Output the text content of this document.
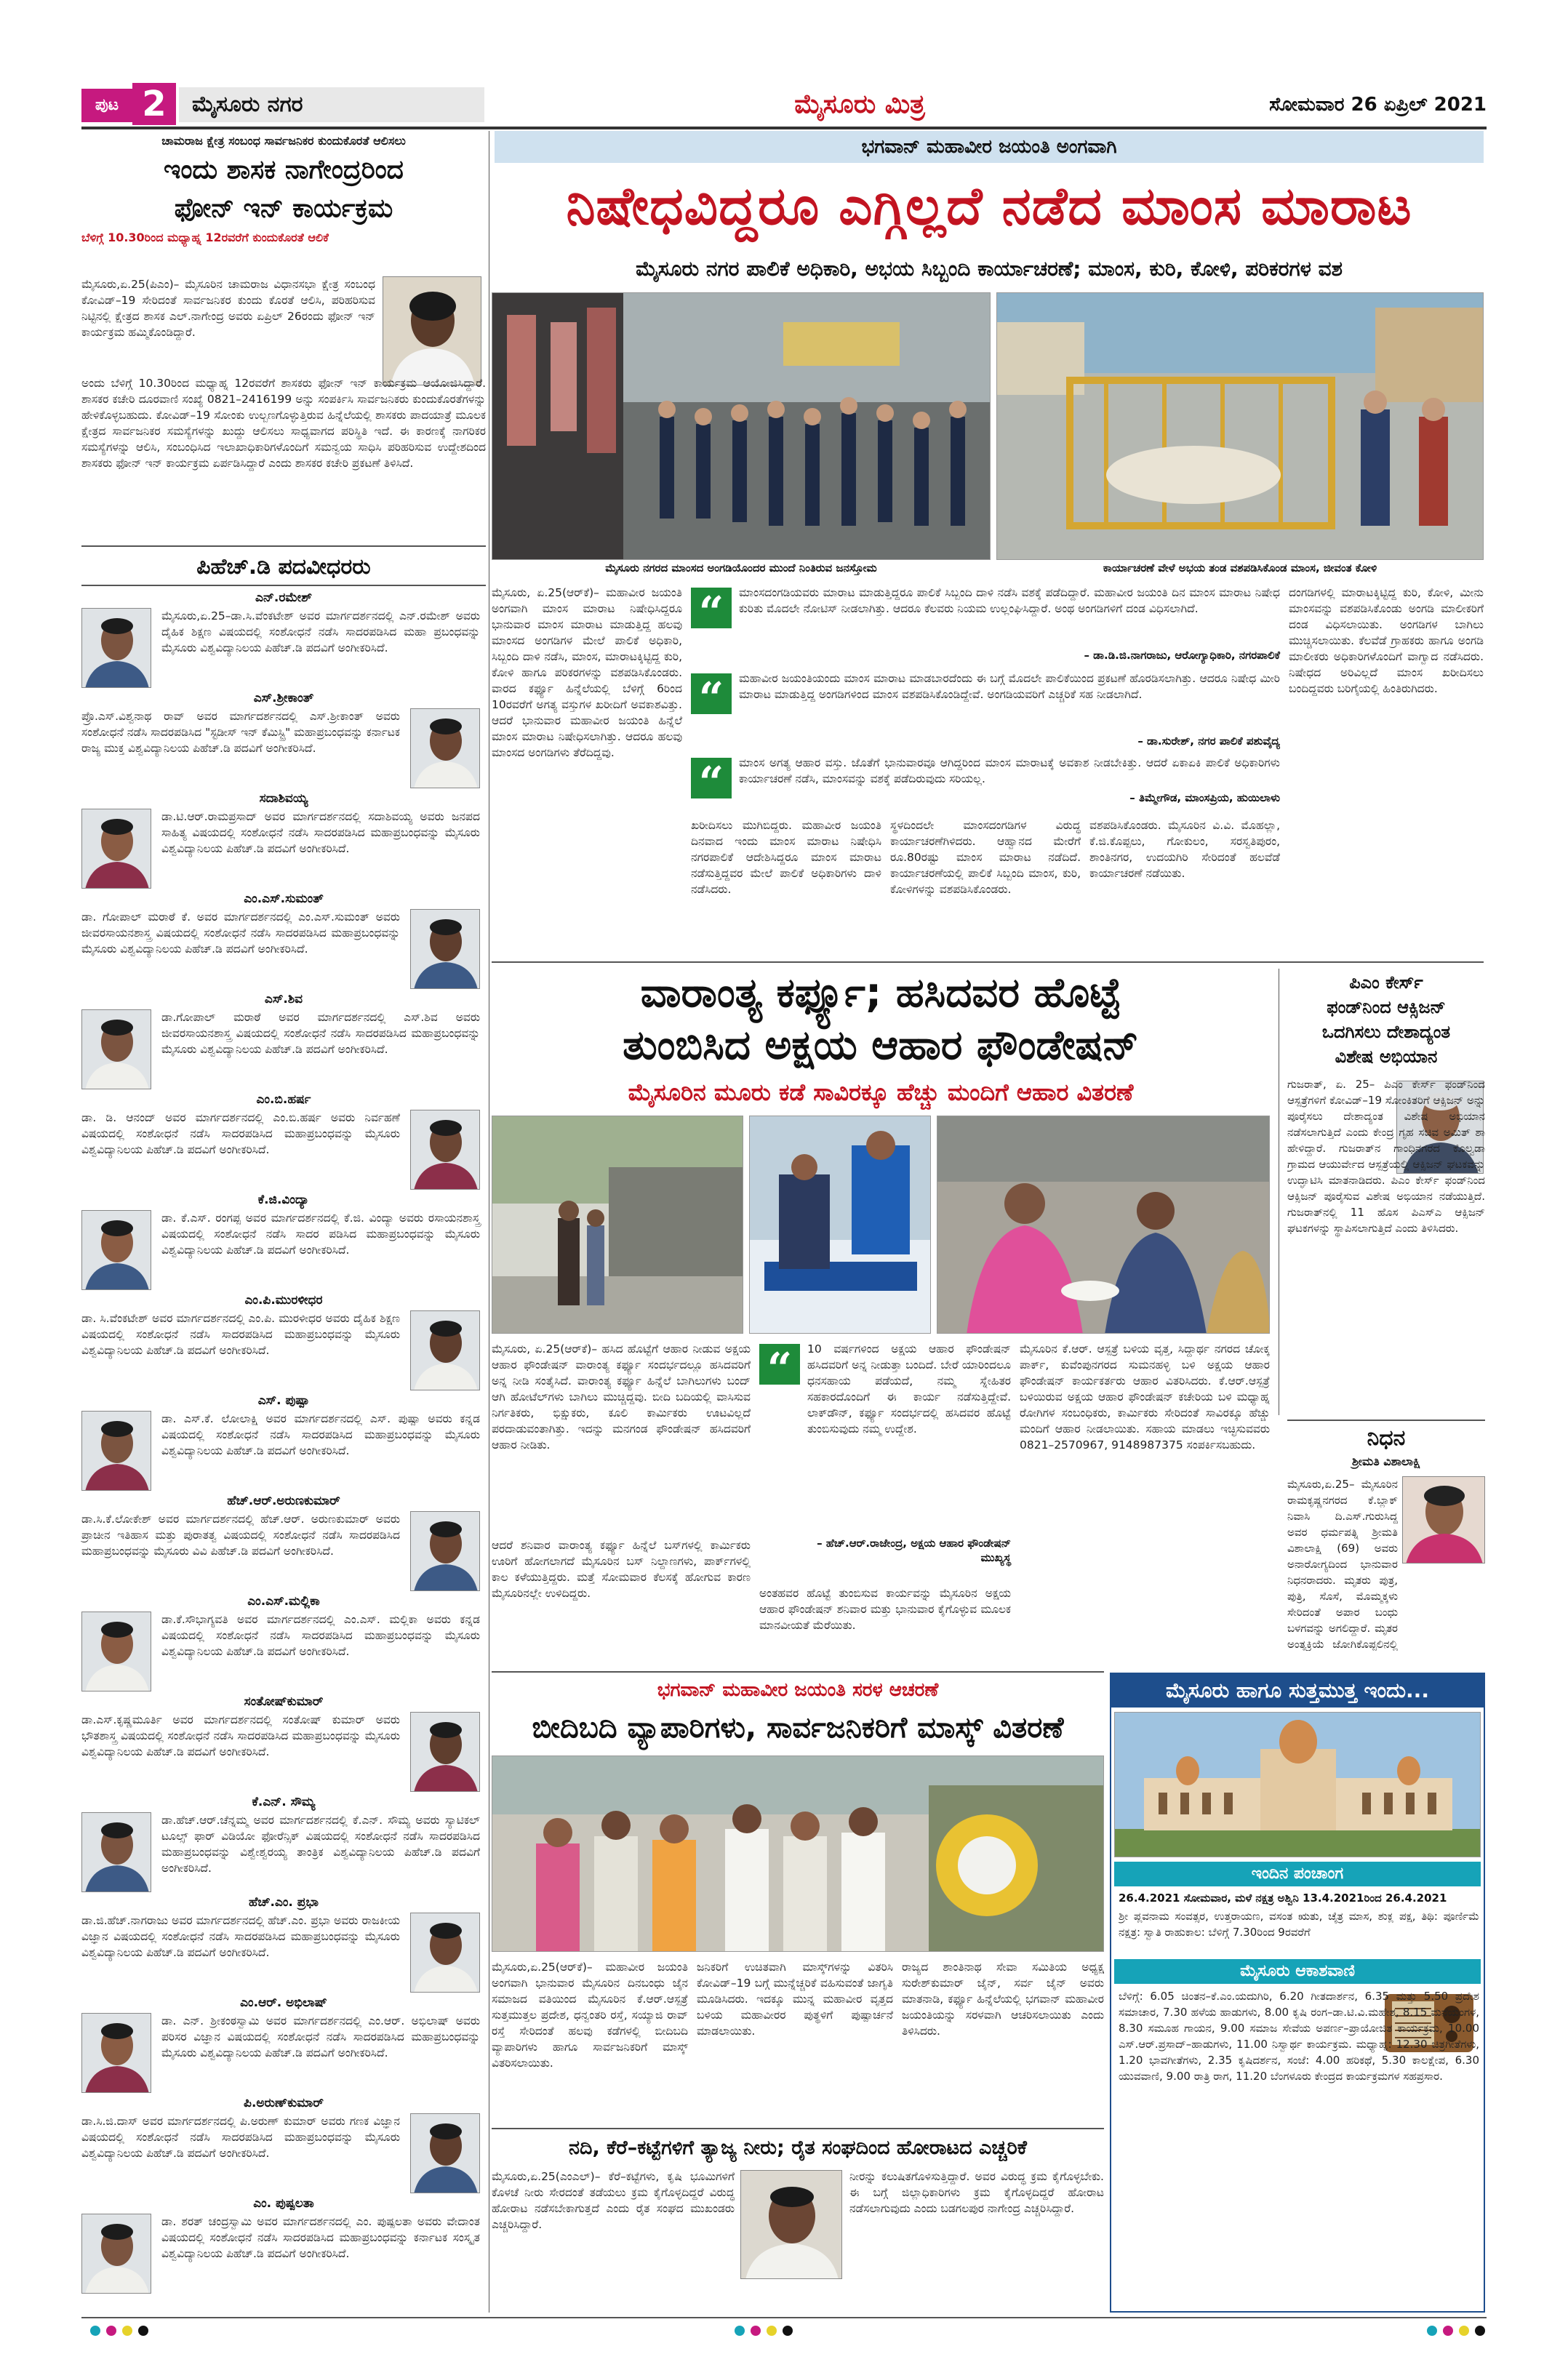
ಪುಟ 2	ಮೈಸೂರು ನಗರ	ಮೈಸೂರು ಮಿತ್ರ	ಸೋಮವಾರ 26 ಏಪ್ರಿಲ್ 2021
ಚಾಮರಾಜ ಕ್ಷೇತ್ರ ಸಂಬಂಧ ಸಾರ್ವಜನಿಕರ ಕುಂದುಕೊರತೆ ಆಲಿಸಲು
ಇಂದು ಶಾಸಕ ನಾಗೇಂದ್ರರಿಂದ
ಫೋನ್ ಇನ್ ಕಾರ್ಯಕ್ರಮ
ಬೆಳಿಗ್ಗೆ 10.30ರಿಂದ ಮಧ್ಯಾಹ್ನ 12ರವರೆಗೆ ಕುಂದುಕೊರತೆ ಆಲಿಕೆ
ಮೈಸೂರು,ಏ.25(ಪಿಎಂ)– ಮೈಸೂರಿನ ಚಾಮರಾಜ ವಿಧಾನಸಭಾ ಕ್ಷೇತ್ರ ಸಂಬಂಧ ಕೋವಿಡ್–19 ಸೇರಿದಂತೆ ಸಾರ್ವಜನಿಕರ ಕುಂದು ಕೊರತೆ ಆಲಿಸಿ, ಪರಿಹರಿಸುವ ನಿಟ್ಟಿನಲ್ಲಿ ಕ್ಷೇತ್ರದ ಶಾಸಕ ಎಲ್.ನಾಗೇಂದ್ರ ಅವರು ಏಪ್ರಿಲ್ 26ರಂದು ಫೋನ್ ಇನ್ ಕಾರ್ಯಕ್ರಮ ಹಮ್ಮಿಕೊಂಡಿದ್ದಾರೆ.
ಅಂದು ಬೆಳಿಗ್ಗೆ 10.30ರಿಂದ ಮಧ್ಯಾಹ್ನ 12ರವರೆಗೆ ಶಾಸಕರು ಫೋನ್ ಇನ್ ಕಾರ್ಯಕ್ರಮ ಆಯೋಜಿಸಿದ್ದಾರೆ. ಶಾಸಕರ ಕಚೇರಿ ದೂರವಾಣಿ ಸಂಖ್ಯೆ 0821–2416199 ಅನ್ನು ಸಂಪರ್ಕಿಸಿ ಸಾರ್ವಜನಿಕರು ಕುಂದುಕೊರತೆಗಳನ್ನು ಹೇಳಿಕೊಳ್ಳಬಹುದು. ಕೋವಿಡ್–19 ಸೋಂಕು ಉಲ್ಬಣಗೊಳ್ಳುತ್ತಿರುವ ಹಿನ್ನೆಲೆಯಲ್ಲಿ ಶಾಸಕರು ಪಾದಯಾತ್ರೆ ಮೂಲಕ ಕ್ಷೇತ್ರದ ಸಾರ್ವಜನಿಕರ ಸಮಸ್ಯೆಗಳನ್ನು ಖುದ್ದು ಆಲಿಸಲು ಸಾಧ್ಯವಾಗದ ಪರಿಸ್ಥಿತಿ ಇದೆ. ಈ ಕಾರಣಕ್ಕೆ ನಾಗರಿಕರ ಸಮಸ್ಯೆಗಳನ್ನು ಆಲಿಸಿ, ಸಂಬಂಧಿಸಿದ ಇಲಾಖಾಧಿಕಾರಿಗಳೊಂದಿಗೆ ಸಮನ್ವಯ ಸಾಧಿಸಿ ಪರಿಹರಿಸುವ ಉದ್ದೇಶದಿಂದ ಶಾಸಕರು ಫೋನ್ ಇನ್ ಕಾರ್ಯಕ್ರಮ ಏರ್ಪಡಿಸಿದ್ದಾರೆ ಎಂದು ಶಾಸಕರ ಕಚೇರಿ ಪ್ರಕಟಣೆ ತಿಳಿಸಿದೆ.
ಪಿಹೆಚ್.ಡಿ ಪದವೀಧರರು
ಎನ್.ರಮೇಶ್
ಮೈಸೂರು,ಏ.25–ಡಾ.ಸಿ.ವೆಂಕಟೇಶ್ ಅವರ ಮಾರ್ಗದರ್ಶನದಲ್ಲಿ ಎನ್.ರಮೇಶ್ ಅವರು ದೈಹಿಕ ಶಿಕ್ಷಣ ವಿಷಯದಲ್ಲಿ ಸಂಶೋಧನೆ ನಡೆಸಿ ಸಾದರಪಡಿಸಿದ ಮಹಾ ಪ್ರಬಂಧವನ್ನು ಮೈಸೂರು ವಿಶ್ವವಿದ್ಯಾನಿಲಯ ಪಿಹೆಚ್.ಡಿ ಪದವಿಗೆ ಅಂಗೀಕರಿಸಿದೆ.
ಎಸ್.ಶ್ರೀಕಾಂತ್
ಪ್ರೊ.ಎಸ್.ವಿಶ್ವನಾಥ ರಾವ್ ಅವರ ಮಾರ್ಗದರ್ಶನದಲ್ಲಿ ಎಸ್.ಶ್ರೀಕಾಂತ್ ಅವರು ಸಂಶೋಧನೆ ನಡೆಸಿ ಸಾದರಪಡಿಸಿದ "ಸ್ಟಡೀಸ್ ಇನ್ ಕೆಮಿಸ್ಟ್ರಿ" ಮಹಾಪ್ರಬಂಧವನ್ನು ಕರ್ನಾಟಕ ರಾಜ್ಯ ಮುಕ್ತ ವಿಶ್ವವಿದ್ಯಾನಿಲಯ ಪಿಹೆಚ್.ಡಿ ಪದವಿಗೆ ಅಂಗೀಕರಿಸಿದೆ.
ಸದಾಶಿವಯ್ಯ
ಡಾ.ಟಿ.ಆರ್.ರಾಮಪ್ರಸಾದ್ ಅವರ ಮಾರ್ಗದರ್ಶನದಲ್ಲಿ ಸದಾಶಿವಯ್ಯ ಅವರು ಜನಪದ ಸಾಹಿತ್ಯ ವಿಷಯದಲ್ಲಿ ಸಂಶೋಧನೆ ನಡೆಸಿ ಸಾದರಪಡಿಸಿದ ಮಹಾಪ್ರಬಂಧವನ್ನು ಮೈಸೂರು ವಿಶ್ವವಿದ್ಯಾನಿಲಯ ಪಿಹೆಚ್.ಡಿ ಪದವಿಗೆ ಅಂಗೀಕರಿಸಿದೆ.
ಎಂ.ಎಸ್.ಸುಮಂತ್
ಡಾ. ಗೋಪಾಲ್ ಮರಾಠೆ ಕೆ. ಅವರ ಮಾರ್ಗದರ್ಶನದಲ್ಲಿ ಎಂ.ಎಸ್.ಸುಮಂತ್ ಅವರು ಜೀವರಸಾಯನಶಾಸ್ತ್ರ ವಿಷಯದಲ್ಲಿ ಸಂಶೋಧನೆ ನಡೆಸಿ ಸಾದರಪಡಿಸಿದ ಮಹಾಪ್ರಬಂಧವನ್ನು ಮೈಸೂರು ವಿಶ್ವವಿದ್ಯಾನಿಲಯ ಪಿಹೆಚ್.ಡಿ ಪದವಿಗೆ ಅಂಗೀಕರಿಸಿದೆ.
ಎಸ್.ಶಿವ
ಡಾ.ಗೋಪಾಲ್ ಮರಾಠೆ ಅವರ ಮಾರ್ಗದರ್ಶನದಲ್ಲಿ ಎಸ್.ಶಿವ ಅವರು ಜೀವರಸಾಯನಶಾಸ್ತ್ರ ವಿಷಯದಲ್ಲಿ ಸಂಶೋಧನೆ ನಡೆಸಿ ಸಾದರಪಡಿಸಿದ ಮಹಾಪ್ರಬಂಧವನ್ನು ಮೈಸೂರು ವಿಶ್ವವಿದ್ಯಾನಿಲಯ ಪಿಹೆಚ್.ಡಿ ಪದವಿಗೆ ಅಂಗೀಕರಿಸಿದೆ.
ಎಂ.ಬಿ.ಹರ್ಷ
ಡಾ. ಡಿ. ಆನಂದ್ ಅವರ ಮಾರ್ಗದರ್ಶನದಲ್ಲಿ ಎಂ.ಬಿ.ಹರ್ಷ ಅವರು ನಿರ್ವಹಣೆ ವಿಷಯದಲ್ಲಿ ಸಂಶೋಧನೆ ನಡೆಸಿ ಸಾದರಪಡಿಸಿದ ಮಹಾಪ್ರಬಂಧವನ್ನು ಮೈಸೂರು ವಿಶ್ವವಿದ್ಯಾನಿಲಯ ಪಿಹೆಚ್.ಡಿ ಪದವಿಗೆ ಅಂಗೀಕರಿಸಿದೆ.
ಕೆ.ಜಿ.ವಿಂದ್ಯಾ
ಡಾ. ಕೆ.ಎಸ್. ರಂಗಪ್ಪ ಅವರ ಮಾರ್ಗದರ್ಶನದಲ್ಲಿ ಕೆ.ಜಿ. ವಿಂದ್ಯಾ ಅವರು ರಸಾಯನಶಾಸ್ತ್ರ ವಿಷಯದಲ್ಲಿ ಸಂಶೋಧನೆ ನಡೆಸಿ ಸಾದರ ಪಡಿಸಿದ ಮಹಾಪ್ರಬಂಧವನ್ನು ಮೈಸೂರು ವಿಶ್ವವಿದ್ಯಾನಿಲಯ ಪಿಹೆಚ್.ಡಿ ಪದವಿಗೆ ಅಂಗೀಕರಿಸಿದೆ.
ಎಂ.ಪಿ.ಮುರಳೀಧರ
ಡಾ. ಸಿ.ವೆಂಕಟೇಶ್ ಅವರ ಮಾರ್ಗದರ್ಶನದಲ್ಲಿ ಎಂ.ಪಿ. ಮುರಳೀಧರ ಅವರು ದೈಹಿಕ ಶಿಕ್ಷಣ ವಿಷಯದಲ್ಲಿ ಸಂಶೋಧನೆ ನಡೆಸಿ ಸಾದರಪಡಿಸಿದ ಮಹಾಪ್ರಬಂಧವನ್ನು ಮೈಸೂರು ವಿಶ್ವವಿದ್ಯಾನಿಲಯ ಪಿಹೆಚ್.ಡಿ ಪದವಿಗೆ ಅಂಗೀಕರಿಸಿದೆ.
ಎಸ್. ಪುಷ್ಪಾ
ಡಾ. ಎಸ್.ಕೆ. ಲೋಲಾಕ್ಷಿ ಅವರ ಮಾರ್ಗದರ್ಶನದಲ್ಲಿ ಎಸ್. ಪುಷ್ಪಾ ಅವರು ಕನ್ನಡ ವಿಷಯದಲ್ಲಿ ಸಂಶೋಧನೆ ನಡೆಸಿ ಸಾದರಪಡಿಸಿದ ಮಹಾಪ್ರಬಂಧವನ್ನು ಮೈಸೂರು ವಿಶ್ವವಿದ್ಯಾನಿಲಯ ಪಿಹೆಚ್.ಡಿ ಪದವಿಗೆ ಅಂಗೀಕರಿಸಿದೆ.
ಹೆಚ್.ಆರ್.ಅರುಣಕುಮಾರ್
ಡಾ.ಸಿ.ಕೆ.ಲೋಕೇಶ್ ಅವರ ಮಾರ್ಗದರ್ಶನದಲ್ಲಿ ಹೆಚ್.ಆರ್. ಅರುಣಕುಮಾರ್ ಅವರು ಪ್ರಾಚೀನ ಇತಿಹಾಸ ಮತ್ತು ಪುರಾತತ್ವ ವಿಷಯದಲ್ಲಿ ಸಂಶೋಧನೆ ನಡೆಸಿ ಸಾದರಪಡಿಸಿದ ಮಹಾಪ್ರಬಂಧವನ್ನು ಮೈಸೂರು ವಿವಿ ಪಿಹೆಚ್.ಡಿ ಪದವಿಗೆ ಅಂಗೀಕರಿಸಿದೆ.
ಎಂ.ಎಸ್.ಮಲ್ಲಿಕಾ
ಡಾ.ಕೆ.ಸೌಭಾಗ್ಯವತಿ ಅವರ ಮಾರ್ಗದರ್ಶನದಲ್ಲಿ ಎಂ.ಎಸ್. ಮಲ್ಲಿಕಾ ಅವರು ಕನ್ನಡ ವಿಷಯದಲ್ಲಿ ಸಂಶೋಧನೆ ನಡೆಸಿ ಸಾದರಪಡಿಸಿದ ಮಹಾಪ್ರಬಂಧವನ್ನು ಮೈಸೂರು ವಿಶ್ವವಿದ್ಯಾನಿಲಯ ಪಿಹೆಚ್.ಡಿ ಪದವಿಗೆ ಅಂಗೀಕರಿಸಿದೆ.
ಸಂತೋಷ್‌ಕುಮಾರ್
ಡಾ.ಎಸ್.ಕೃಷ್ಣಮೂರ್ತಿ ಅವರ ಮಾರ್ಗದರ್ಶನದಲ್ಲಿ ಸಂತೋಷ್ ಕುಮಾರ್ ಅವರು ಭೌತಶಾಸ್ತ್ರ ವಿಷಯದಲ್ಲಿ ಸಂಶೋಧನೆ ನಡೆಸಿ ಸಾದರಪಡಿಸಿದ ಮಹಾಪ್ರಬಂಧವನ್ನು ಮೈಸೂರು ವಿಶ್ವವಿದ್ಯಾನಿಲಯ ಪಿಹೆಚ್.ಡಿ ಪದವಿಗೆ ಅಂಗೀಕರಿಸಿದೆ.
ಕೆ.ಎನ್. ಸೌಮ್ಯ
ಡಾ.ಹೆಚ್.ಆರ್.ಚೆನ್ನಮ್ಮ ಅವರ ಮಾರ್ಗದರ್ಶನದಲ್ಲಿ ಕೆ.ಎನ್. ಸೌಮ್ಯ ಅವರು ಸ್ಯಾಟಿಕಲ್ ಟೂಲ್ಸ್ ಫಾರ್ ವಿಡಿಯೋ ಫೋರೆನ್ಸಿಕ್ ವಿಷಯದಲ್ಲಿ ಸಂಶೋಧನೆ ನಡೆಸಿ ಸಾದರಪಡಿಸಿದ ಮಹಾಪ್ರಬಂಧವನ್ನು ವಿಶ್ವೇಶ್ವರಯ್ಯ ತಾಂತ್ರಿಕ ವಿಶ್ವವಿದ್ಯಾನಿಲಯ ಪಿಹೆಚ್.ಡಿ ಪದವಿಗೆ ಅಂಗೀಕರಿಸಿದೆ.
ಹೆಚ್.ಎಂ. ಪ್ರಭಾ
ಡಾ.ಜಿ.ಹೆಚ್.ನಾಗರಾಜು ಅವರ ಮಾರ್ಗದರ್ಶನದಲ್ಲಿ ಹೆಚ್.ಎಂ. ಪ್ರಭಾ ಅವರು ರಾಜಕೀಯ ವಿಜ್ಞಾನ ವಿಷಯದಲ್ಲಿ ಸಂಶೋಧನೆ ನಡೆಸಿ ಸಾದರಪಡಿಸಿದ ಮಹಾಪ್ರಬಂಧವನ್ನು ಮೈಸೂರು ವಿಶ್ವವಿದ್ಯಾನಿಲಯ ಪಿಹೆಚ್.ಡಿ ಪದವಿಗೆ ಅಂಗೀಕರಿಸಿದೆ.
ಎಂ.ಆರ್. ಅಭಿಲಾಷ್
ಡಾ. ಎನ್. ಶ್ರೀಕಂಠಸ್ವಾಮಿ ಅವರ ಮಾರ್ಗದರ್ಶನದಲ್ಲಿ ಎಂ.ಆರ್. ಅಭಿಲಾಷ್ ಅವರು ಪರಿಸರ ವಿಜ್ಞಾನ ವಿಷಯದಲ್ಲಿ ಸಂಶೋಧನೆ ನಡೆಸಿ ಸಾದರಪಡಿಸಿದ ಮಹಾಪ್ರಬಂಧವನ್ನು ಮೈಸೂರು ವಿಶ್ವವಿದ್ಯಾನಿಲಯ ಪಿಹೆಚ್.ಡಿ ಪದವಿಗೆ ಅಂಗೀಕರಿಸಿದೆ.
ಪಿ.ಅರುಣ್‌ಕುಮಾರ್
ಡಾ.ಸಿ.ಜಿ.ದಾಸ್ ಅವರ ಮಾರ್ಗದರ್ಶನದಲ್ಲಿ ಪಿ.ಅರುಣ್ ಕುಮಾರ್ ಅವರು ಗಣಕ ವಿಜ್ಞಾನ ವಿಷಯದಲ್ಲಿ ಸಂಶೋಧನೆ ನಡೆಸಿ ಸಾದರಪಡಿಸಿದ ಮಹಾಪ್ರಬಂಧವನ್ನು ಮೈಸೂರು ವಿಶ್ವವಿದ್ಯಾನಿಲಯ ಪಿಹೆಚ್.ಡಿ ಪದವಿಗೆ ಅಂಗೀಕರಿಸಿದೆ.
ಎಂ. ಪುಷ್ಪಲತಾ
ಡಾ. ಶರತ್ ಚಂದ್ರಸ್ವಾಮಿ ಅವರ ಮಾರ್ಗದರ್ಶನದಲ್ಲಿ ಎಂ. ಪುಷ್ಪಲತಾ ಅವರು ವೇದಾಂತ ವಿಷಯದಲ್ಲಿ ಸಂಶೋಧನೆ ನಡೆಸಿ ಸಾದರಪಡಿಸಿದ ಮಹಾಪ್ರಬಂಧವನ್ನು ಕರ್ನಾಟಕ ಸಂಸ್ಕೃತ ವಿಶ್ವವಿದ್ಯಾನಿಲಯ ಪಿಹೆಚ್.ಡಿ ಪದವಿಗೆ ಅಂಗೀಕರಿಸಿದೆ.
ಭಗವಾನ್ ಮಹಾವೀರ ಜಯಂತಿ ಅಂಗವಾಗಿ
ನಿಷೇಧವಿದ್ದರೂ ಎಗ್ಗಿಲ್ಲದೆ ನಡೆದ ಮಾಂಸ ಮಾರಾಟ
ಮೈಸೂರು ನಗರ ಪಾಲಿಕೆ ಅಧಿಕಾರಿ, ಅಭಯ ಸಿಬ್ಬಂದಿ ಕಾರ್ಯಾಚರಣೆ; ಮಾಂಸ, ಕುರಿ, ಕೋಳಿ, ಪರಿಕರಗಳ ವಶ
ಮೈಸೂರು ನಗರದ ಮಾಂಸದ ಅಂಗಡಿಯೊಂದರ ಮುಂದೆ ನಿಂತಿರುವ ಜನಸ್ತೋಮ	ಕಾರ್ಯಾಚರಣೆ ವೇಳೆ ಅಭಯ ತಂಡ ವಶಪಡಿಸಿಕೊಂಡ ಮಾಂಸ, ಜೀವಂತ ಕೋಳಿ
ಮೈಸೂರು, ಏ.25(ಆರ್‌ಕೆ)– ಮಹಾವೀರ ಜಯಂತಿ ಅಂಗವಾಗಿ ಮಾಂಸ ಮಾರಾಟ ನಿಷೇಧಿಸಿದ್ದರೂ ಭಾನುವಾರ ಮಾಂಸ ಮಾರಾಟ ಮಾಡುತ್ತಿದ್ದ ಹಲವು ಮಾಂಸದ ಅಂಗಡಿಗಳ ಮೇಲೆ ಪಾಲಿಕೆ ಅಧಿಕಾರಿ, ಸಿಬ್ಬಂದಿ ದಾಳಿ ನಡೆಸಿ, ಮಾಂಸ, ಮಾರಾಟಕ್ಕಿಟ್ಟಿದ್ದ ಕುರಿ, ಕೋಳಿ ಹಾಗೂ ಪರಿಕರಗಳನ್ನು ವಶಪಡಿಸಿಕೊಂಡರು. ವಾರದ ಕರ್ಫ್ಯೂ ಹಿನ್ನೆಲೆಯಲ್ಲಿ ಬೆಳಿಗ್ಗೆ 6ರಿಂದ 10ರವರೆಗೆ ಅಗತ್ಯ ವಸ್ತುಗಳ ಖರೀದಿಗೆ ಅವಕಾಶವಿತ್ತು. ಆದರೆ ಭಾನುವಾರ ಮಹಾವೀರ ಜಯಂತಿ ಹಿನ್ನೆಲೆ ಮಾಂಸ ಮಾರಾಟ ನಿಷೇಧಿಸಲಾಗಿತ್ತು. ಆದರೂ ಹಲವು ಮಾಂಸದ ಅಂಗಡಿಗಳು ತೆರೆದಿದ್ದವು.
“	ಮಾಂಸದಂಗಡಿಯವರು ಮಾರಾಟ ಮಾಡುತ್ತಿದ್ದರೂ ಪಾಲಿಕೆ ಸಿಬ್ಬಂದಿ ದಾಳಿ ನಡೆಸಿ ವಶಕ್ಕೆ ಪಡೆದಿದ್ದಾರೆ. ಮಹಾವೀರ ಜಯಂತಿ ದಿನ ಮಾಂಸ ಮಾರಾಟ ನಿಷೇಧ ಕುರಿತು ಮೊದಲೇ ನೋಟಿಸ್ ನೀಡಲಾಗಿತ್ತು. ಆದರೂ ಕೆಲವರು ನಿಯಮ ಉಲ್ಲಂಘಿಸಿದ್ದಾರೆ. ಅಂಥ ಅಂಗಡಿಗಳಿಗೆ ದಂಡ ವಿಧಿಸಲಾಗಿದೆ.
– ಡಾ.ಡಿ.ಜಿ.ನಾಗರಾಜು, ಆರೋಗ್ಯಾಧಿಕಾರಿ, ನಗರಪಾಲಿಕೆ
“	ಮಹಾವೀರ ಜಯಂತಿಯಂದು ಮಾಂಸ ಮಾರಾಟ ಮಾಡಬಾರದೆಂದು ಈ ಬಗ್ಗೆ ಮೊದಲೇ ಪಾಲಿಕೆಯಿಂದ ಪ್ರಕಟಣೆ ಹೊರಡಿಸಲಾಗಿತ್ತು. ಆದರೂ ನಿಷೇಧ ಮೀರಿ ಮಾರಾಟ ಮಾಡುತ್ತಿದ್ದ ಅಂಗಡಿಗಳಿಂದ ಮಾಂಸ ವಶಪಡಿಸಿಕೊಂಡಿದ್ದೇವೆ. ಅಂಗಡಿಯವರಿಗೆ ಎಚ್ಚರಿಕೆ ಸಹ ನೀಡಲಾಗಿದೆ.
– ಡಾ.ಸುರೇಶ್, ನಗರ ಪಾಲಿಕೆ ಪಶುವೈದ್ಯ
“	ಮಾಂಸ ಅಗತ್ಯ ಆಹಾರ ವಸ್ತು. ಜೊತೆಗೆ ಭಾನುವಾರವೂ ಆಗಿದ್ದರಿಂದ ಮಾಂಸ ಮಾರಾಟಕ್ಕೆ ಅವಕಾಶ ನೀಡಬೇಕಿತ್ತು. ಆದರೆ ಏಕಾಏಕಿ ಪಾಲಿಕೆ ಅಧಿಕಾರಿಗಳು ಕಾರ್ಯಾಚರಣೆ ನಡೆಸಿ, ಮಾಂಸವನ್ನು ವಶಕ್ಕೆ ಪಡೆದಿರುವುದು ಸರಿಯಲ್ಲ.
– ತಿಮ್ಮೇಗೌಡ, ಮಾಂಸಪ್ರಿಯ, ಹುಯಿಲಾಳು
ಖರೀದಿಸಲು ಮುಗಿಬಿದ್ದರು. ಮಹಾವೀರ ಜಯಂತಿ ದಿನವಾದ ಇಂದು ಮಾಂಸ ಮಾರಾಟ ನಿಷೇಧಿಸಿ ನಗರಪಾಲಿಕೆ ಆದೇಶಿಸಿದ್ದರೂ ಮಾಂಸ ಮಾರಾಟ ನಡೆಸುತ್ತಿದ್ದವರ ಮೇಲೆ ಪಾಲಿಕೆ ಅಧಿಕಾರಿಗಳು ದಾಳಿ ನಡೆಸಿದರು.
ಸ್ಥಳದಿಂದಲೇ ಮಾಂಸದಂಗಡಿಗಳ ವಿರುದ್ಧ ಕಾರ್ಯಾಚರಣೆಗಿಳಿದರು. ಆಹ್ವಾನದ ಮೇರೆಗೆ ರೂ.80ರಷ್ಟು ಮಾಂಸ ಮಾರಾಟ ನಡೆದಿದೆ. ಕಾರ್ಯಾಚರಣೆಯಲ್ಲಿ ಪಾಲಿಕೆ ಸಿಬ್ಬಂದಿ ಮಾಂಸ, ಕುರಿ, ಕೋಳಿಗಳನ್ನು ವಶಪಡಿಸಿಕೊಂಡರು.
ವಶಪಡಿಸಿಕೊಂಡರು. ಮೈಸೂರಿನ ವಿ.ವಿ. ಮೊಹಲ್ಲಾ, ಕೆ.ಜಿ.ಕೊಪ್ಪಲು, ಗೋಕುಲಂ, ಸರಸ್ವತಿಪುರಂ, ಶಾಂತಿನಗರ, ಉದಯಗಿರಿ ಸೇರಿದಂತೆ ಹಲವೆಡೆ ಕಾರ್ಯಾಚರಣೆ ನಡೆಯಿತು.
ದಂಗಡಿಗಳಲ್ಲಿ ಮಾರಾಟಕ್ಕಿಟ್ಟಿದ್ದ ಕುರಿ, ಕೋಳಿ, ಮೀನು ಮಾಂಸವನ್ನು ವಶಪಡಿಸಿಕೊಂಡು ಅಂಗಡಿ ಮಾಲೀಕರಿಗೆ ದಂಡ ವಿಧಿಸಲಾಯಿತು. ಅಂಗಡಿಗಳ ಬಾಗಿಲು ಮುಚ್ಚಿಸಲಾಯಿತು. ಕೆಲವೆಡೆ ಗ್ರಾಹಕರು ಹಾಗೂ ಅಂಗಡಿ ಮಾಲೀಕರು ಅಧಿಕಾರಿಗಳೊಂದಿಗೆ ವಾಗ್ವಾದ ನಡೆಸಿದರು. ನಿಷೇಧದ ಅರಿವಿಲ್ಲದೆ ಮಾಂಸ ಖರೀದಿಸಲು ಬಂದಿದ್ದವರು ಬರಿಗೈಯಲ್ಲಿ ಹಿಂತಿರುಗಿದರು.
ವಾರಾಂತ್ಯ ಕರ್ಫ್ಯೂ; ಹಸಿದವರ ಹೊಟ್ಟೆ
ತುಂಬಿಸಿದ ಅಕ್ಷಯ ಆಹಾರ ಫೌಂಡೇಷನ್
ಮೈಸೂರಿನ ಮೂರು ಕಡೆ ಸಾವಿರಕ್ಕೂ ಹೆಚ್ಚು ಮಂದಿಗೆ ಆಹಾರ ವಿತರಣೆ
ಮೈಸೂರು, ಏ.25(ಆರ್‌ಕೆ)– ಹಸಿದ ಹೊಟ್ಟೆಗೆ ಆಹಾರ ನೀಡುವ ಅಕ್ಷಯ ಆಹಾರ ಫೌಂಡೇಷನ್ ವಾರಾಂತ್ಯ ಕರ್ಫ್ಯೂ ಸಂದರ್ಭದಲ್ಲೂ ಹಸಿದವರಿಗೆ ಅನ್ನ ನೀಡಿ ಸಂತೈಸಿದೆ. ವಾರಾಂತ್ಯ ಕರ್ಫ್ಯೂ ಹಿನ್ನೆಲೆ ಬಾಗಿಲುಗಳು ಬಂದ್ ಆಗಿ ಹೋಟೆಲ್‌ಗಳು ಬಾಗಿಲು ಮುಚ್ಚಿದ್ದವು. ಬೀದಿ ಬದಿಯಲ್ಲಿ ವಾಸಿಸುವ ನಿರ್ಗತಿಕರು, ಭಿಕ್ಷುಕರು, ಕೂಲಿ ಕಾರ್ಮಿಕರು ಊಟವಿಲ್ಲದೆ ಪರದಾಡುವಂತಾಗಿತ್ತು. ಇದನ್ನು ಮನಗಂಡ ಫೌಂಡೇಷನ್ ಹಸಿದವರಿಗೆ ಆಹಾರ ನೀಡಿತು.
ಆದರೆ ಶನಿವಾರ ವಾರಾಂತ್ಯ ಕರ್ಫ್ಯೂ ಹಿನ್ನೆಲೆ ಬಸ್‌ಗಳಲ್ಲಿ ಕಾರ್ಮಿಕರು ಊರಿಗೆ ಹೋಗಲಾಗದೆ ಮೈಸೂರಿನ ಬಸ್ ನಿಲ್ದಾಣಗಳು, ಪಾರ್ಕ್‌ಗಳಲ್ಲಿ ಕಾಲ ಕಳೆಯುತ್ತಿದ್ದರು. ಮತ್ತೆ ಸೋಮವಾರ ಕೆಲಸಕ್ಕೆ ಹೋಗುವ ಕಾರಣ ಮೈಸೂರಿನಲ್ಲೇ ಉಳಿದಿದ್ದರು.
“	10 ವರ್ಷಗಳಿಂದ ಅಕ್ಷಯ ಆಹಾರ ಫೌಂಡೇಷನ್ ಹಸಿದವರಿಗೆ ಅನ್ನ ನೀಡುತ್ತಾ ಬಂದಿದೆ. ಬೇರೆ ಯಾರಿಂದಲೂ ಧನಸಹಾಯ ಪಡೆಯದೆ, ನಮ್ಮ ಸ್ನೇಹಿತರ ಸಹಕಾರದೊಂದಿಗೆ ಈ ಕಾರ್ಯ ನಡೆಸುತ್ತಿದ್ದೇವೆ. ಲಾಕ್‌ಡೌನ್, ಕರ್ಫ್ಯೂ ಸಂದರ್ಭದಲ್ಲಿ ಹಸಿದವರ ಹೊಟ್ಟೆ ತುಂಬಿಸುವುದು ನಮ್ಮ ಉದ್ದೇಶ.
– ಹೆಚ್.ಆರ್.ರಾಜೇಂದ್ರ, ಅಕ್ಷಯ ಆಹಾರ ಫೌಂಡೇಷನ್ ಮುಖ್ಯಸ್ಥ
ಅಂತಹವರ ಹೊಟ್ಟೆ ತುಂಬಿಸುವ ಕಾರ್ಯವನ್ನು ಮೈಸೂರಿನ ಅಕ್ಷಯ ಆಹಾರ ಫೌಂಡೇಷನ್ ಶನಿವಾರ ಮತ್ತು ಭಾನುವಾರ ಕೈಗೊಳ್ಳುವ ಮೂಲಕ ಮಾನವೀಯತೆ ಮೆರೆಯಿತು.
ಮೈಸೂರಿನ ಕೆ.ಆರ್. ಆಸ್ಪತ್ರೆ ಬಳಿಯ ವೃತ್ತ, ಸಿದ್ದಾರ್ಥ ನಗರದ ಚೋಕ್ಕ ಪಾರ್ಕ್, ಕುವೆಂಪುನಗರದ ಸುಮನಹಳ್ಳಿ ಬಳಿ ಅಕ್ಷಯ ಆಹಾರ ಫೌಂಡೇಷನ್ ಕಾರ್ಯಕರ್ತರು ಆಹಾರ ವಿತರಿಸಿದರು. ಕೆ.ಆರ್.ಆಸ್ಪತ್ರೆ ಬಳಿಯಿರುವ ಅಕ್ಷಯ ಆಹಾರ ಫೌಂಡೇಷನ್ ಕಚೇರಿಯ ಬಳಿ ಮಧ್ಯಾಹ್ನ ರೋಗಿಗಳ ಸಂಬಂಧಿಕರು, ಕಾರ್ಮಿಕರು ಸೇರಿದಂತೆ ಸಾವಿರಕ್ಕೂ ಹೆಚ್ಚು ಮಂದಿಗೆ ಆಹಾರ ನೀಡಲಾಯಿತು. ಸಹಾಯ ಮಾಡಲು ಇಚ್ಛಿಸುವವರು 0821–2570967, 9148987375 ಸಂಪರ್ಕಿಸಬಹುದು.
ಪಿಎಂ ಕೇರ್ಸ್
ಫಂಡ್‌ನಿಂದ ಆಕ್ಸಿಜನ್
ಒದಗಿಸಲು ದೇಶಾದ್ಯಂತ
ವಿಶೇಷ ಅಭಿಯಾನ
ಗುಜರಾತ್, ಏ. 25– ಪಿಎಂ ಕೇರ್ಸ್ ಫಂಡ್‌ನಿಂದ ಆಸ್ಪತ್ರೆಗಳಿಗೆ ಕೋವಿಡ್–19 ಸೋಂಕಿತರಿಗೆ ಆಕ್ಸಿಜನ್ ಅನ್ನು ಪೂರೈಸಲು ದೇಶಾದ್ಯಂತ ವಿಶೇಷ ಅಭಿಯಾನ ನಡೆಸಲಾಗುತ್ತಿದೆ ಎಂದು ಕೇಂದ್ರ ಗೃಹ ಸಚಿವ ಅಮಿತ್ ಶಾ ಹೇಳಿದ್ದಾರೆ. ಗುಜರಾತ್‌ನ ಗಾಂಧಿನಗರದ ಕೊಲ್ವಡಾ ಗ್ರಾಮದ ಆಯುರ್ವೇದ ಆಸ್ಪತ್ರೆಯಲ್ಲಿ ಆಕ್ಸಿಜನ್ ಘಟಕವನ್ನು ಉದ್ಘಾಟಿಸಿ ಮಾತನಾಡಿದರು. ಪಿಎಂ ಕೇರ್ಸ್ ಫಂಡ್‌ನಿಂದ ಆಕ್ಸಿಜನ್ ಪೂರೈಸುವ ವಿಶೇಷ ಅಭಿಯಾನ ನಡೆಯುತ್ತಿದೆ. ಗುಜರಾತ್‌ನಲ್ಲಿ 11 ಹೊಸ ಪಿಎಸ್ಎ ಆಕ್ಸಿಜನ್ ಘಟಕಗಳನ್ನು ಸ್ಥಾಪಿಸಲಾಗುತ್ತಿದೆ ಎಂದು ತಿಳಿಸಿದರು.
ನಿಧನ
ಶ್ರೀಮತಿ ವಿಶಾಲಾಕ್ಷಿ
ಮೈಸೂರು,ಏ.25– ಮೈಸೂರಿನ ರಾಮಕೃಷ್ಣನಗರದ ಕೆ.ಬ್ಲಾಕ್ ನಿವಾಸಿ ದಿ.ಎಸ್.ಗುರುಸಿದ್ದ ಅವರ ಧರ್ಮಪತ್ನಿ ಶ್ರೀಮತಿ ವಿಶಾಲಾಕ್ಷಿ (69) ಅವರು ಅನಾರೋಗ್ಯದಿಂದ ಭಾನುವಾರ ನಿಧನರಾದರು. ಮೃತರು ಪುತ್ರ, ಪುತ್ರಿ, ಸೊಸೆ, ಮೊಮ್ಮಕ್ಕಳು ಸೇರಿದಂತೆ ಅಪಾರ ಬಂಧು ಬಳಗವನ್ನು ಅಗಲಿದ್ದಾರೆ. ಮೃತರ ಅಂತ್ಯಕ್ರಿಯೆ ಜೋಗಿಕೊಪ್ಪಲಿನಲ್ಲಿ
ಭಗವಾನ್ ಮಹಾವೀರ ಜಯಂತಿ ಸರಳ ಆಚರಣೆ
ಬೀದಿಬದಿ ವ್ಯಾಪಾರಿಗಳು, ಸಾರ್ವಜನಿಕರಿಗೆ ಮಾಸ್ಕ್ ವಿತರಣೆ
ಮೈಸೂರು,ಏ.25(ಆರ್‌ಕೆ)– ಮಹಾವೀರ ಜಯಂತಿ ಅಂಗವಾಗಿ ಭಾನುವಾರ ಮೈಸೂರಿನ ದಿನಬಂಧು ಜೈನ ಸಮಾಜದ ವತಿಯಿಂದ ಮೈಸೂರಿನ ಕೆ.ಆರ್.ಆಸ್ಪತ್ರೆ ಸುತ್ತಮುತ್ತಲ ಪ್ರದೇಶ, ಧನ್ವಂತರಿ ರಸ್ತೆ, ಸಯ್ಯಾಜಿ ರಾವ್ ರಸ್ತೆ ಸೇರಿದಂತೆ ಹಲವು ಕಡೆಗಳಲ್ಲಿ ಬೀದಿಬದಿ ವ್ಯಾಪಾರಿಗಳು ಹಾಗೂ ಸಾರ್ವಜನಿಕರಿಗೆ ಮಾಸ್ಕ್ ವಿತರಿಸಲಾಯಿತು.
ಜನಿಕರಿಗೆ ಉಚಿತವಾಗಿ ಮಾಸ್ಕ್‌ಗಳನ್ನು ವಿತರಿಸಿ ಕೋವಿಡ್–19 ಬಗ್ಗೆ ಮುನ್ನೆಚ್ಚರಿಕೆ ವಹಿಸುವಂತೆ ಜಾಗೃತಿ ಮೂಡಿಸಿದರು. ಇದಕ್ಕೂ ಮುನ್ನ ಮಹಾವೀರ ವೃತ್ತದ ಬಳಿಯ ಮಹಾವೀರರ ಪುತ್ಥಳಿಗೆ ಪುಷ್ಪಾರ್ಚನೆ ಮಾಡಲಾಯಿತು.
ರಾಜ್ಯದ ಶಾಂತಿನಾಥ ಸೇವಾ ಸಮಿತಿಯ ಅಧ್ಯಕ್ಷ ಸುರೇಶ್‌ಕುಮಾರ್ ಜೈನ್, ಸರ್ವ ಜೈನ್ ಅವರು ಮಾತನಾಡಿ, ಕರ್ಫ್ಯೂ ಹಿನ್ನೆಲೆಯಲ್ಲಿ ಭಗವಾನ್ ಮಹಾವೀರ ಜಯಂತಿಯನ್ನು ಸರಳವಾಗಿ ಆಚರಿಸಲಾಯಿತು ಎಂದು ತಿಳಿಸಿದರು.
ನದಿ, ಕೆರೆ–ಕಟ್ಟೆಗಳಿಗೆ ತ್ಯಾಜ್ಯ ನೀರು; ರೈತ ಸಂಘದಿಂದ ಹೋರಾಟದ ಎಚ್ಚರಿಕೆ
ಮೈಸೂರು,ಏ.25(ಎಂಎಲ್)– ಕೆರೆ–ಕಟ್ಟೆಗಳು, ಕೃಷಿ ಭೂಮಿಗಳಿಗೆ ಕೊಳಚೆ ನೀರು ಸೇರದಂತೆ ತಡೆಯಲು ಕ್ರಮ ಕೈಗೊಳ್ಳದಿದ್ದರೆ ವಿರುದ್ಧ ಹೋರಾಟ ನಡೆಸಬೇಕಾಗುತ್ತದೆ ಎಂದು ರೈತ ಸಂಘದ ಮುಖಂಡರು ಎಚ್ಚರಿಸಿದ್ದಾರೆ.
ನೀರನ್ನು ಕಲುಷಿತಗೊಳಿಸುತ್ತಿದ್ದಾರೆ. ಅವರ ವಿರುದ್ಧ ಕ್ರಮ ಕೈಗೊಳ್ಳಬೇಕು. ಈ ಬಗ್ಗೆ ಜಿಲ್ಲಾಧಿಕಾರಿಗಳು ಕ್ರಮ ಕೈಗೊಳ್ಳದಿದ್ದರೆ ಹೋರಾಟ ನಡೆಸಲಾಗುವುದು ಎಂದು ಬಡಗಲಪುರ ನಾಗೇಂದ್ರ ಎಚ್ಚರಿಸಿದ್ದಾರೆ.
ಮೈಸೂರು ಹಾಗೂ ಸುತ್ತಮುತ್ತ ಇಂದು...
ಇಂದಿನ ಪಂಚಾಂಗ
26.4.2021 ಸೋಮವಾರ, ಮಳೆ ನಕ್ಷತ್ರ ಅಶ್ವಿನಿ 13.4.2021ರಿಂದ 26.4.2021
ಶ್ರೀ ಪ್ಲವನಾಮ ಸಂವತ್ಸರ, ಉತ್ತರಾಯಣ, ವಸಂತ ಋತು, ಚೈತ್ರ ಮಾಸ, ಶುಕ್ಲ ಪಕ್ಷ, ತಿಥಿ: ಪೂರ್ಣಿಮೆ ನಕ್ಷತ್ರ: ಸ್ವಾತಿ ರಾಹುಕಾಲ: ಬೆಳಿಗ್ಗೆ 7.30ರಿಂದ 9ರವರೆಗೆ
ಮೈಸೂರು ಆಕಾಶವಾಣಿ
ಬೆಳಿಗ್ಗೆ: 6.05 ಚಿಂತನ–ಕೆ.ಎಂ.ಯದುಗಿರಿ, 6.20 ಗೀತದಾರ್ಶನ, 6.35 ಮತ್ತು 5.50 ಪ್ರದೇಶ ಸಮಾಚಾರ, 7.30 ಹಳೆಯ ಹಾಡುಗಳು, 8.00 ಕೃಷಿ ರಂಗ–ಡಾ.ಟಿ.ವಿ.ಮಹೇಶ, 8.15 ಮನೆಯಂಗಳ, 8.30 ಸಮೂಹ ಗಾಯನ, 9.00 ಸಮಾಜ ಸೇವೆಯ ಅಪರ್ಣ–ಪ್ರಾಯೋಜಿತ ಕಾರ್ಯಕ್ರಮ, 10.00 ಎಸ್.ಆರ್.ಪ್ರಸಾದ್–ಹಾಡುಗಳು, 11.00 ನಿಸ್ವಾರ್ಥ ಕಾರ್ಯಕ್ರಮ. ಮಧ್ಯಾಹ್ನ: 12.30 ಚಿತ್ರಗೀತೆಗಳು, 1.20 ಭಾವಗೀತೆಗಳು, 2.35 ಕೃಷಿದರ್ಶನ, ಸಂಜೆ: 4.00 ಹರಿಕಥೆ, 5.30 ಕಾಲಕ್ಷೇಪ, 6.30 ಯುವವಾಣಿ, 9.00 ರಾತ್ರಿ ರಾಗ, 11.20 ಬೆಂಗಳೂರು ಕೇಂದ್ರದ ಕಾರ್ಯಕ್ರಮಗಳ ಸಹಪ್ರಸಾರ.
